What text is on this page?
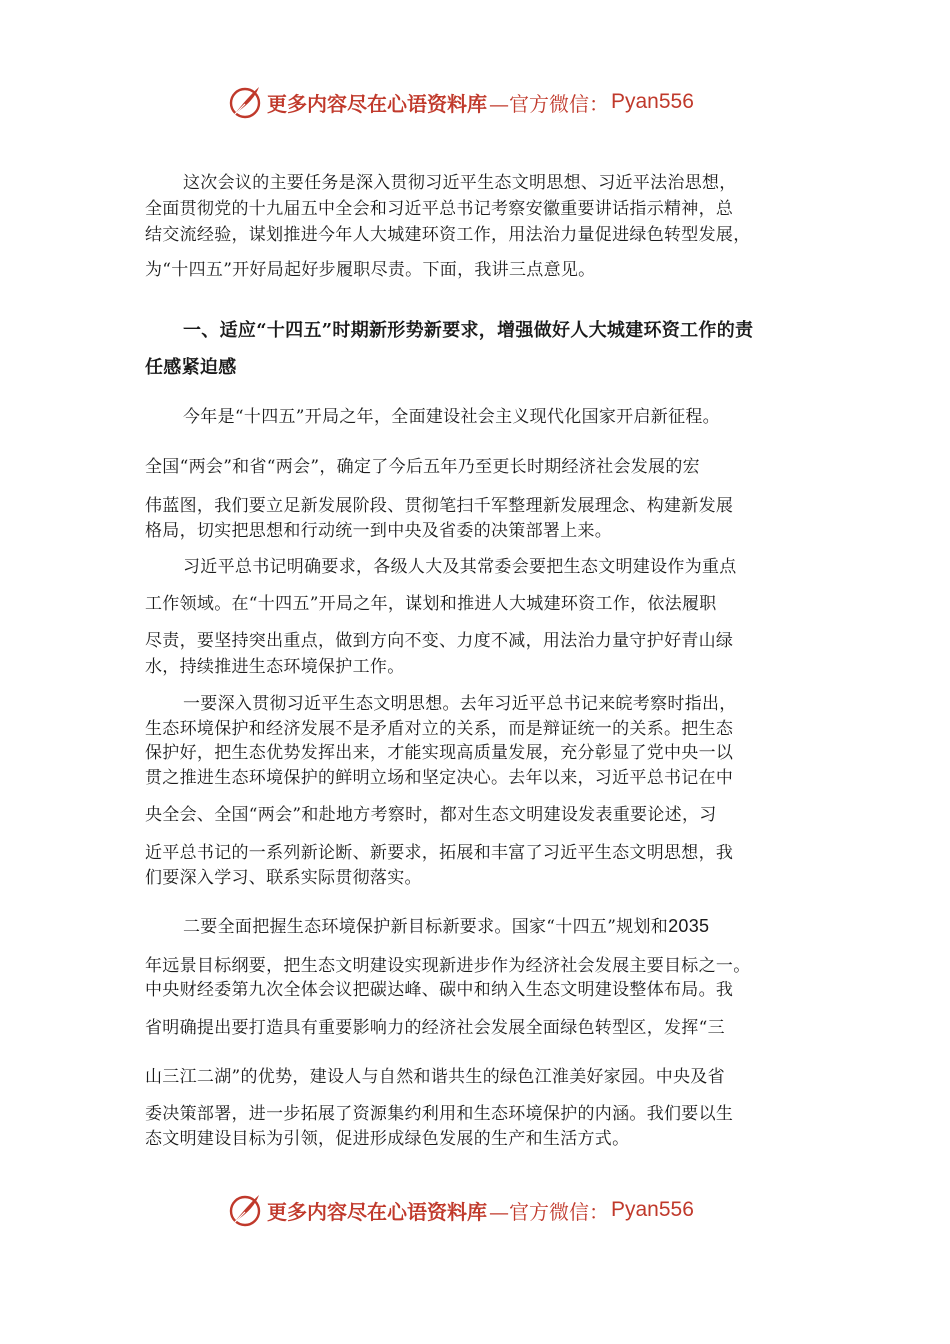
更多内容尽在心语资料库 —官方微信： Pyan556
这次会议的主要任务是深入贯彻习近平生态文明思想、习近平法治思想，
全面贯彻党的十九届五中全会和习近平总书记考察安徽重要讲话指示精神，总
结交流经验，谋划推进今年人大城建环资工作，用法治力量促进绿色转型发展，
为“十四五”开好局起好步履职尽责。下面，我讲三点意见。
一、适应“十四五”时期新形势新要求，增强做好人大城建环资工作的责
任感紧迫感
今年是“十四五”开局之年，全面建设社会主义现代化国家开启新征程。
全国“两会”和省“两会”，确定了今后五年乃至更长时期经济社会发展的宏
伟蓝图，我们要立足新发展阶段、贯彻笔扫千军整理新发展理念、构建新发展
格局，切实把思想和行动统一到中央及省委的决策部署上来。
习近平总书记明确要求，各级人大及其常委会要把生态文明建设作为重点
工作领域。在“十四五”开局之年，谋划和推进人大城建环资工作，依法履职
尽责，要坚持突出重点，做到方向不变、力度不减，用法治力量守护好青山绿
水，持续推进生态环境保护工作。
一要深入贯彻习近平生态文明思想。去年习近平总书记来皖考察时指出，
生态环境保护和经济发展不是矛盾对立的关系，而是辩证统一的关系。把生态
保护好，把生态优势发挥出来，才能实现高质量发展，充分彰显了党中央一以
贯之推进生态环境保护的鲜明立场和坚定决心。去年以来，习近平总书记在中
央全会、全国“两会”和赴地方考察时，都对生态文明建设发表重要论述，习
近平总书记的一系列新论断、新要求，拓展和丰富了习近平生态文明思想，我
们要深入学习、联系实际贯彻落实。
二要全面把握生态环境保护新目标新要求。国家“十四五”规划和2035
年远景目标纲要，把生态文明建设实现新进步作为经济社会发展主要目标之一。
中央财经委第九次全体会议把碳达峰、碳中和纳入生态文明建设整体布局。我
省明确提出要打造具有重要影响力的经济社会发展全面绿色转型区，发挥“三
山三江二湖”的优势，建设人与自然和谐共生的绿色江淮美好家园。中央及省
委决策部署，进一步拓展了资源集约利用和生态环境保护的内涵。我们要以生
态文明建设目标为引领，促进形成绿色发展的生产和生活方式。
更多内容尽在心语资料库 —官方微信： Pyan556
